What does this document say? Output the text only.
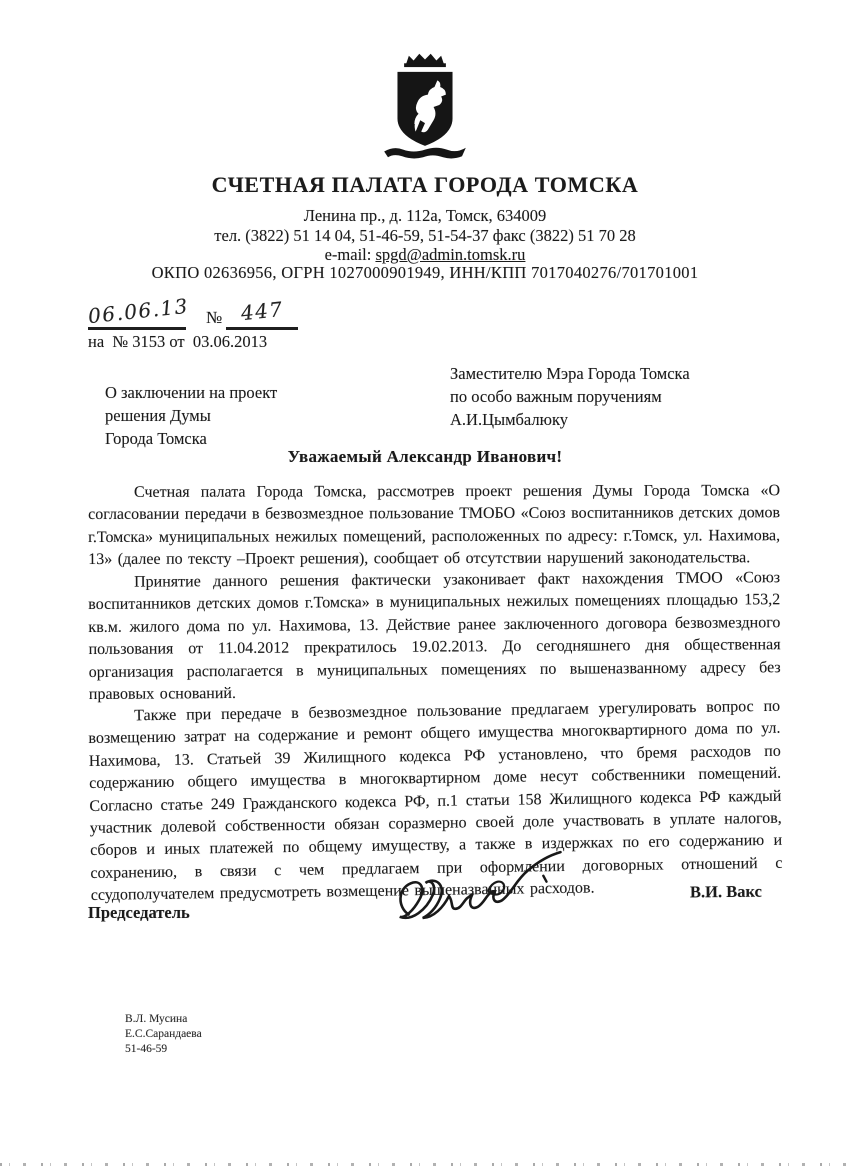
СЧЕТНАЯ ПАЛАТА ГОРОДА ТОМСКА
Ленина пр., д. 112а, Томск, 634009
тел. (3822) 51 14 04, 51-46-59, 51-54-37 факс (3822) 51 70 28
e-mail: spgd@admin.tomsk.ru
ОКПО 02636956, ОГРН 1027000901949, ИНН/КПП 7017040276/701701001
06.06.13 № 447
на  № 3153 от  03.06.2013
О заключении на проект
решения Думы
Города Томска
Заместителю Мэра Города Томска
по особо важным поручениям
А.И.Цымбалюку
Уважаемый Александр Иванович!

Счетная палата Города Томска, рассмотрев проект решения Думы Города Томска «О согласовании передачи в безвозмездное пользование ТМОБО «Союз воспитанников детских домов г.Томска» муниципальных нежилых помещений, расположенных по адресу: г.Томск, ул. Нахимова, 13» (далее по тексту –Проект решения), сообщает об отсутствии нарушений законодательства.

Принятие данного решения фактически узаконивает факт нахождения ТМОО «Союз воспитанников детских домов г.Томска» в муниципальных нежилых помещениях площадью 153,2 кв.м. жилого дома по ул. Нахимова, 13. Действие ранее заключенного договора безвозмездного пользования от 11.04.2012 прекратилось 19.02.2013. До сегодняшнего дня общественная организация располагается в муниципальных помещениях по вышеназванному адресу без правовых оснований.

Также при передаче в безвозмездное пользование предлагаем урегулировать вопрос по возмещению затрат на содержание и ремонт общего имущества многоквартирного дома по ул. Нахимова, 13. Статьей 39 Жилищного кодекса РФ установлено, что бремя расходов по содержанию общего имущества в многоквартирном доме несут собственники помещений. Согласно статье 249 Гражданского кодекса РФ, п.1 статьи 158 Жилищного кодекса РФ каждый участник долевой собственности обязан соразмерно своей доле участвовать в уплате налогов, сборов и иных платежей по общему имуществу, а также в издержках по его содержанию и сохранению, в связи с чем предлагаем при оформлении договорных отношений с ссудополучателем предусмотреть возмещение вышеназванных расходов.

Председатель
В.И. Вакс
В.Л. Мусина
Е.С.Сарандаева
51-46-59
